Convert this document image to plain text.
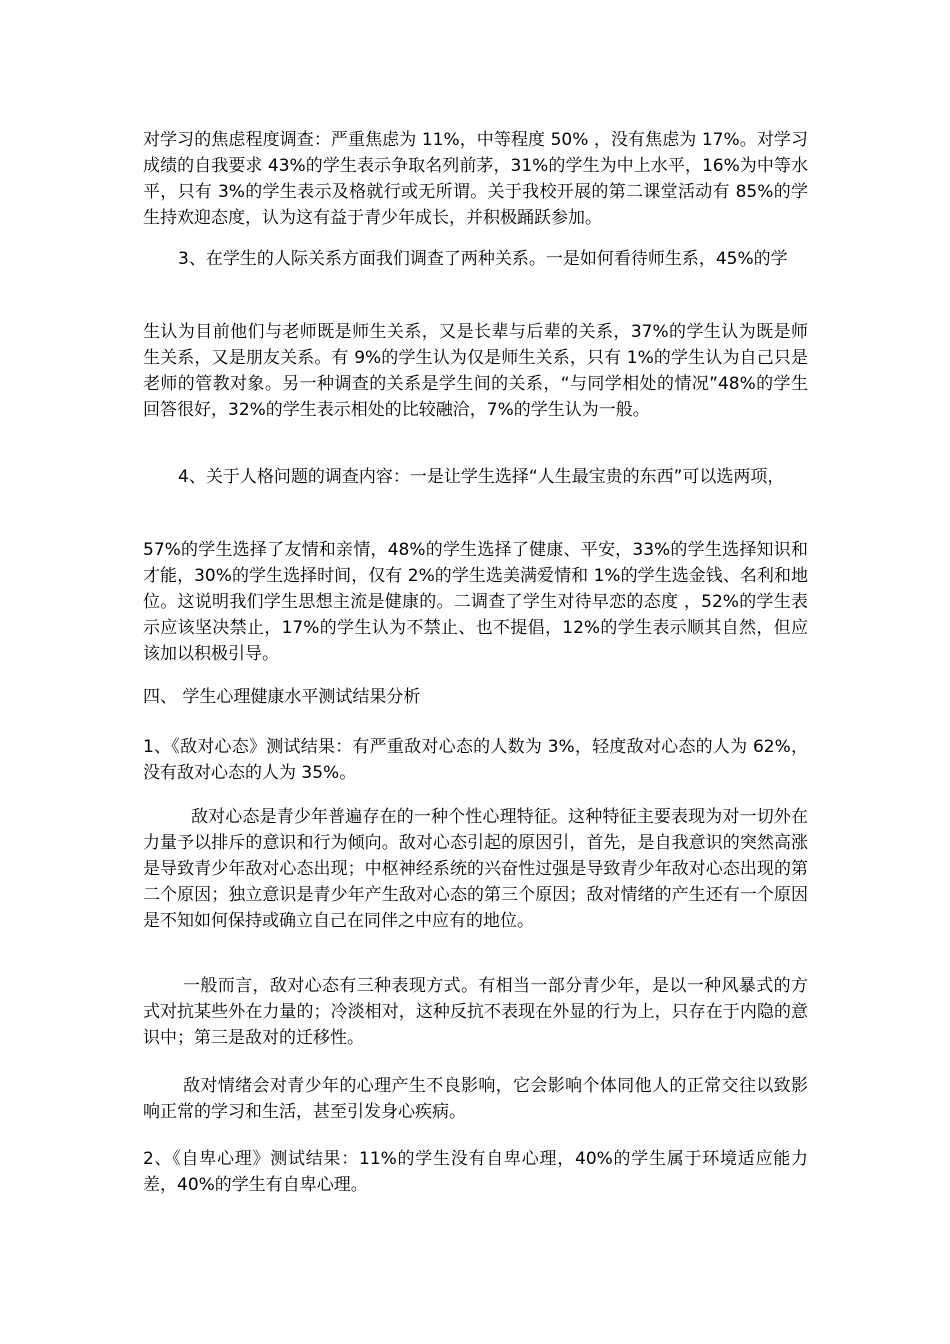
对学习的焦虑程度调查：严重焦虑为 11%，中等程度 50% ，没有焦虑为 17%。对学习成绩的自我要求 43%的学生表示争取名列前茅，31%的学生为中上水平，16%为中等水平，只有 3%的学生表示及格就行或无所谓。关于我校开展的第二课堂活动有 85%的学生持欢迎态度，认为这有益于青少年成长，并积极踊跃参加。

3、在学生的人际关系方面我们调查了两种关系。一是如何看待师生系，45%的学

生认为目前他们与老师既是师生关系，又是长辈与后辈的关系，37%的学生认为既是师生关系，又是朋友关系。有 9%的学生认为仅是师生关系，只有 1%的学生认为自己只是老师的管教对象。另一种调查的关系是学生间的关系，“与同学相处的情况”48%的学生回答很好，32%的学生表示相处的比较融洽，7%的学生认为一般。

4、关于人格问题的调查内容：一是让学生选择“人生最宝贵的东西”可以选两项，

57%的学生选择了友情和亲情，48%的学生选择了健康、平安，33%的学生选择知识和才能，30%的学生选择时间，仅有 2%的学生选美满爱情和 1%的学生选金钱、名利和地位。这说明我们学生思想主流是健康的。二调查了学生对待早恋的态度 ，52%的学生表示应该坚决禁止，17%的学生认为不禁止、也不提倡，12%的学生表示顺其自然，但应该加以积极引导。

四、 学生心理健康水平测试结果分析

1、《敌对心态》测试结果：有严重敌对心态的人数为 3%，轻度敌对心态的人为 62%，没有敌对心态的人为 35%。

敌对心态是青少年普遍存在的一种个性心理特征。这种特征主要表现为对一切外在力量予以排斥的意识和行为倾向。敌对心态引起的原因引，首先，是自我意识的突然高涨是导致青少年敌对心态出现；中枢神经系统的兴奋性过强是导致青少年敌对心态出现的第二个原因；独立意识是青少年产生敌对心态的第三个原因；敌对情绪的产生还有一个原因是不知如何保持或确立自己在同伴之中应有的地位。

一般而言，敌对心态有三种表现方式。有相当一部分青少年，是以一种风暴式的方式对抗某些外在力量的；冷淡相对，这种反抗不表现在外显的行为上，只存在于内隐的意识中；第三是敌对的迁移性。

敌对情绪会对青少年的心理产生不良影响，它会影响个体同他人的正常交往以致影响正常的学习和生活，甚至引发身心疾病。

2、《自卑心理》测试结果：11%的学生没有自卑心理，40%的学生属于环境适应能力差，40%的学生有自卑心理。
